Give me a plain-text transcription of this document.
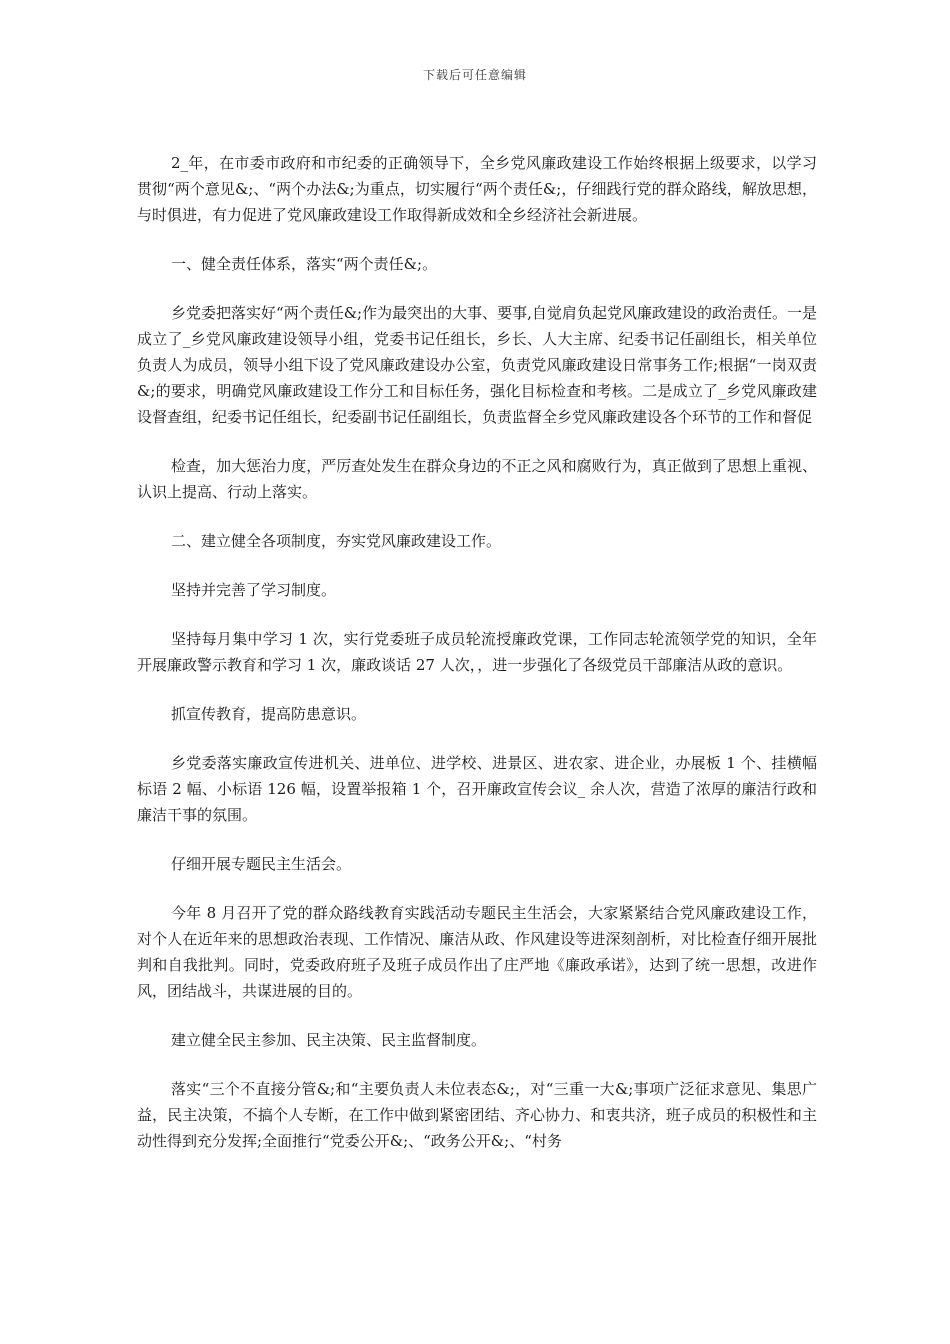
下载后可任意编辑

2_年，在市委市政府和市纪委的正确领导下，全乡党风廉政建设工作始终根据上级要求，以学习贯彻“两个意见&;、“两个办法&;为重点，切实履行“两个责任&;，仔细践行党的群众路线，解放思想，与时俱进，有力促进了党风廉政建设工作取得新成效和全乡经济社会新进展。

一、健全责任体系，落实“两个责任&;。

乡党委把落实好“两个责任&;作为最突出的大事、要事,自觉肩负起党风廉政建设的政治责任。一是成立了_乡党风廉政建设领导小组，党委书记任组长，乡长、人大主席、纪委书记任副组长，相关单位负责人为成员，领导小组下设了党风廉政建设办公室，负责党风廉政建设日常事务工作;根据“一岗双责&;的要求，明确党风廉政建设工作分工和目标任务，强化目标检查和考核。二是成立了_乡党风廉政建设督查组，纪委书记任组长，纪委副书记任副组长，负责监督全乡党风廉政建设各个环节的工作和督促

检查，加大惩治力度，严厉查处发生在群众身边的不正之风和腐败行为，真正做到了思想上重视、认识上提高、行动上落实。

二、建立健全各项制度，夯实党风廉政建设工作。

坚持并完善了学习制度。

坚持每月集中学习 1 次，实行党委班子成员轮流授廉政党课，工作同志轮流领学党的知识，全年开展廉政警示教育和学习 1 次，廉政谈话 27 人次，，进一步强化了各级党员干部廉洁从政的意识。

抓宣传教育，提高防患意识。

乡党委落实廉政宣传进机关、进单位、进学校、进景区、进农家、进企业，办展板 1 个、挂横幅标语 2 幅、小标语 126 幅，设置举报箱 1 个，召开廉政宣传会议_ 余人次，营造了浓厚的廉洁行政和廉洁干事的氛围。

仔细开展专题民主生活会。

今年 8 月召开了党的群众路线教育实践活动专题民主生活会，大家紧紧结合党风廉政建设工作，对个人在近年来的思想政治表现、工作情况、廉洁从政、作风建设等进深刻剖析，对比检查仔细开展批判和自我批判。同时，党委政府班子及班子成员作出了庄严地《廉政承诺》，达到了统一思想，改进作风，团结战斗，共谋进展的目的。

建立健全民主参加、民主决策、民主监督制度。

落实“三个不直接分管&;和“主要负责人未位表态&;，对“三重一大&;事项广泛征求意见、集思广益，民主决策，不搞个人专断，在工作中做到紧密团结、齐心协力、和衷共济，班子成员的积极性和主动性得到充分发挥;全面推行“党委公开&;、“政务公开&;、“村务
